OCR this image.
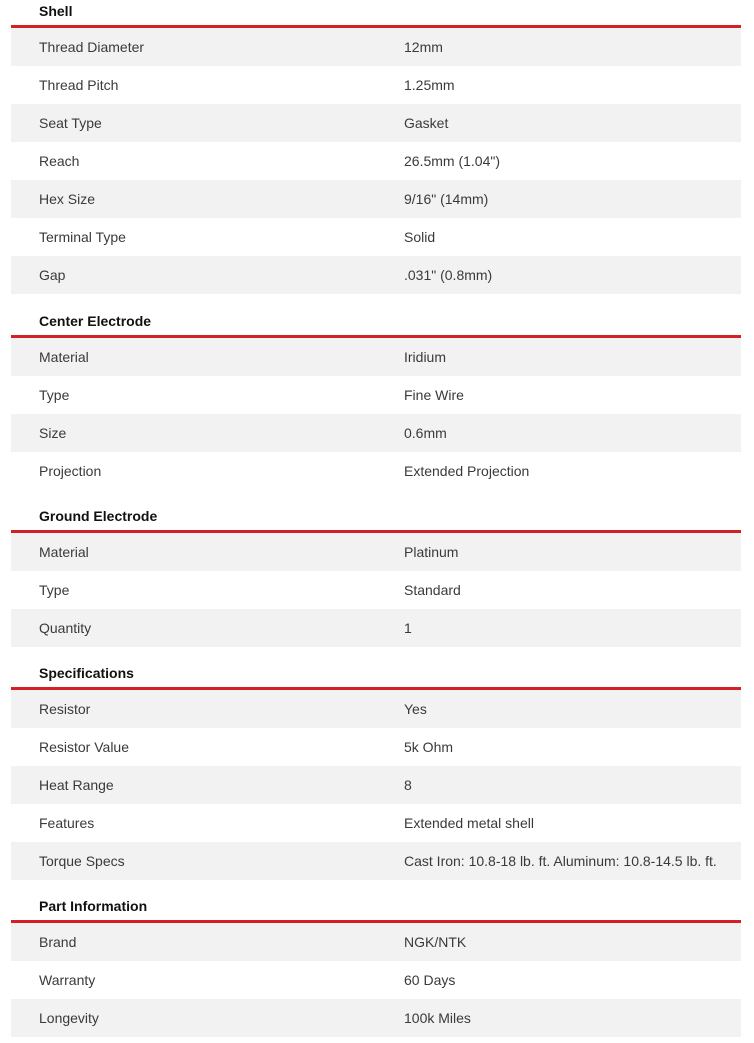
Shell
Thread Diameter	12mm
Thread Pitch	1.25mm
Seat Type	Gasket
Reach	26.5mm (1.04")
Hex Size	9/16" (14mm)
Terminal Type	Solid
Gap	.031" (0.8mm)
Center Electrode
Material	Iridium
Type	Fine Wire
Size	0.6mm
Projection	Extended Projection
Ground Electrode
Material	Platinum
Type	Standard
Quantity	1
Specifications
Resistor	Yes
Resistor Value	5k Ohm
Heat Range	8
Features	Extended metal shell
Torque Specs	Cast Iron: 10.8-18 lb. ft. Aluminum: 10.8-14.5 lb. ft.
Part Information
Brand	NGK/NTK
Warranty	60 Days
Longevity	100k Miles
